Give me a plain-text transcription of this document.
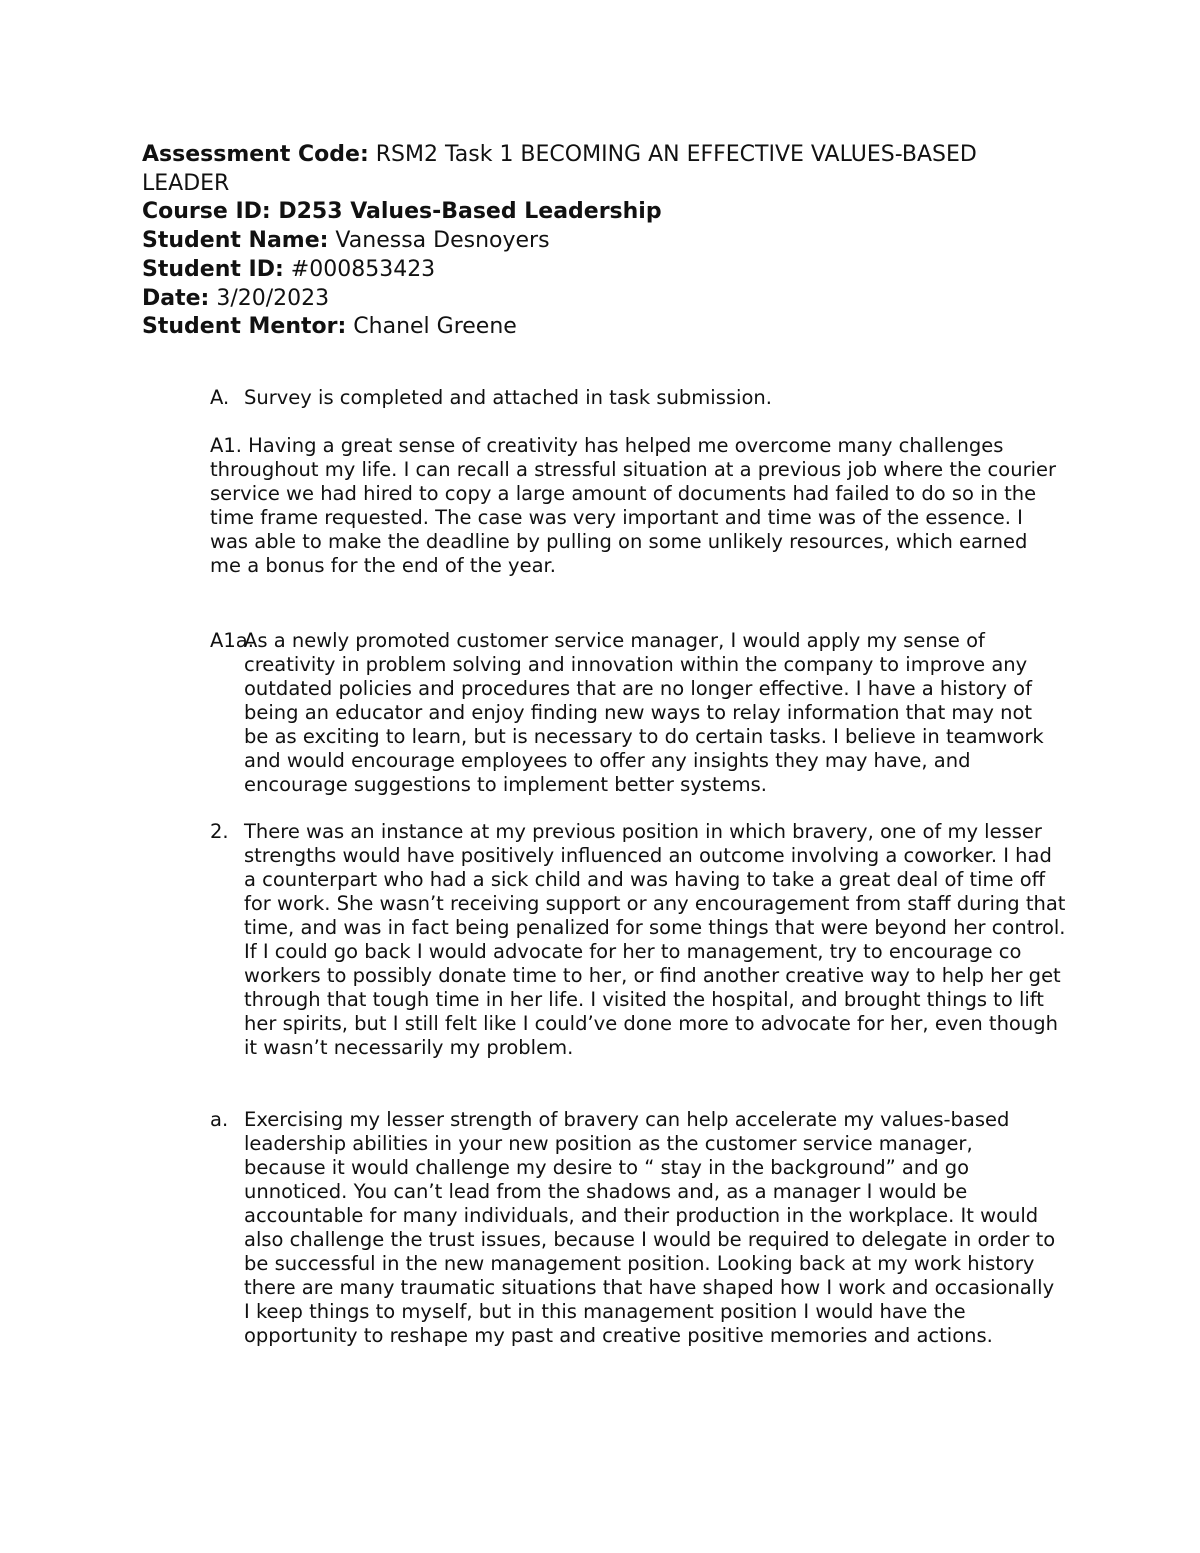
Assessment Code: RSM2 Task 1 BECOMING AN EFFECTIVE VALUES-BASED LEADER
Course ID: D253 Values-Based Leadership
Student Name: Vanessa Desnoyers
Student ID: #000853423
Date: 3/20/2023
Student Mentor: Chanel Greene
A. Survey is completed and attached in task submission.
A1. Having a great sense of creativity has helped me overcome many challenges throughout my life. I can recall a stressful situation at a previous job where the courier service we had hired to copy a large amount of documents had failed to do so in the time frame requested. The case was very important and time was of the essence. I was able to make the deadline by pulling on some unlikely resources, which earned me a bonus for the end of the year.
A1a.
As a newly promoted customer service manager, I would apply my sense of creativity in problem solving and innovation within the company to improve any outdated policies and procedures that are no longer effective. I have a history of being an educator and enjoy finding new ways to relay information that may not be as exciting to learn, but is necessary to do certain tasks. I believe in teamwork and would encourage employees to offer any insights they may have, and encourage suggestions to implement better systems.
2. There was an instance at my previous position in which bravery, one of my lesser strengths would have positively influenced an outcome involving a coworker. I had a counterpart who had a sick child and was having to take a great deal of time off for work. She wasn’t receiving support or any encouragement from staff during that time, and was in fact being penalized for some things that were beyond her control. If I could go back I would advocate for her to management, try to encourage co workers to possibly donate time to her, or find another creative way to help her get through that tough time in her life. I visited the hospital, and brought things to lift her spirits, but I still felt like I could’ve done more to advocate for her, even though it wasn’t necessarily my problem.
a. Exercising my lesser strength of bravery can help accelerate my values-based leadership abilities in your new position as the customer service manager, because it would challenge my desire to “ stay in the background” and go unnoticed. You can’t lead from the shadows and, as a manager I would be accountable for many individuals, and their production in the workplace. It would also challenge the trust issues, because I would be required to delegate in order to be successful in the new management position. Looking back at my work history there are many traumatic situations that have shaped how I work and occasionally I keep things to myself, but in this management position I would have the opportunity to reshape my past and creative positive memories and actions.
